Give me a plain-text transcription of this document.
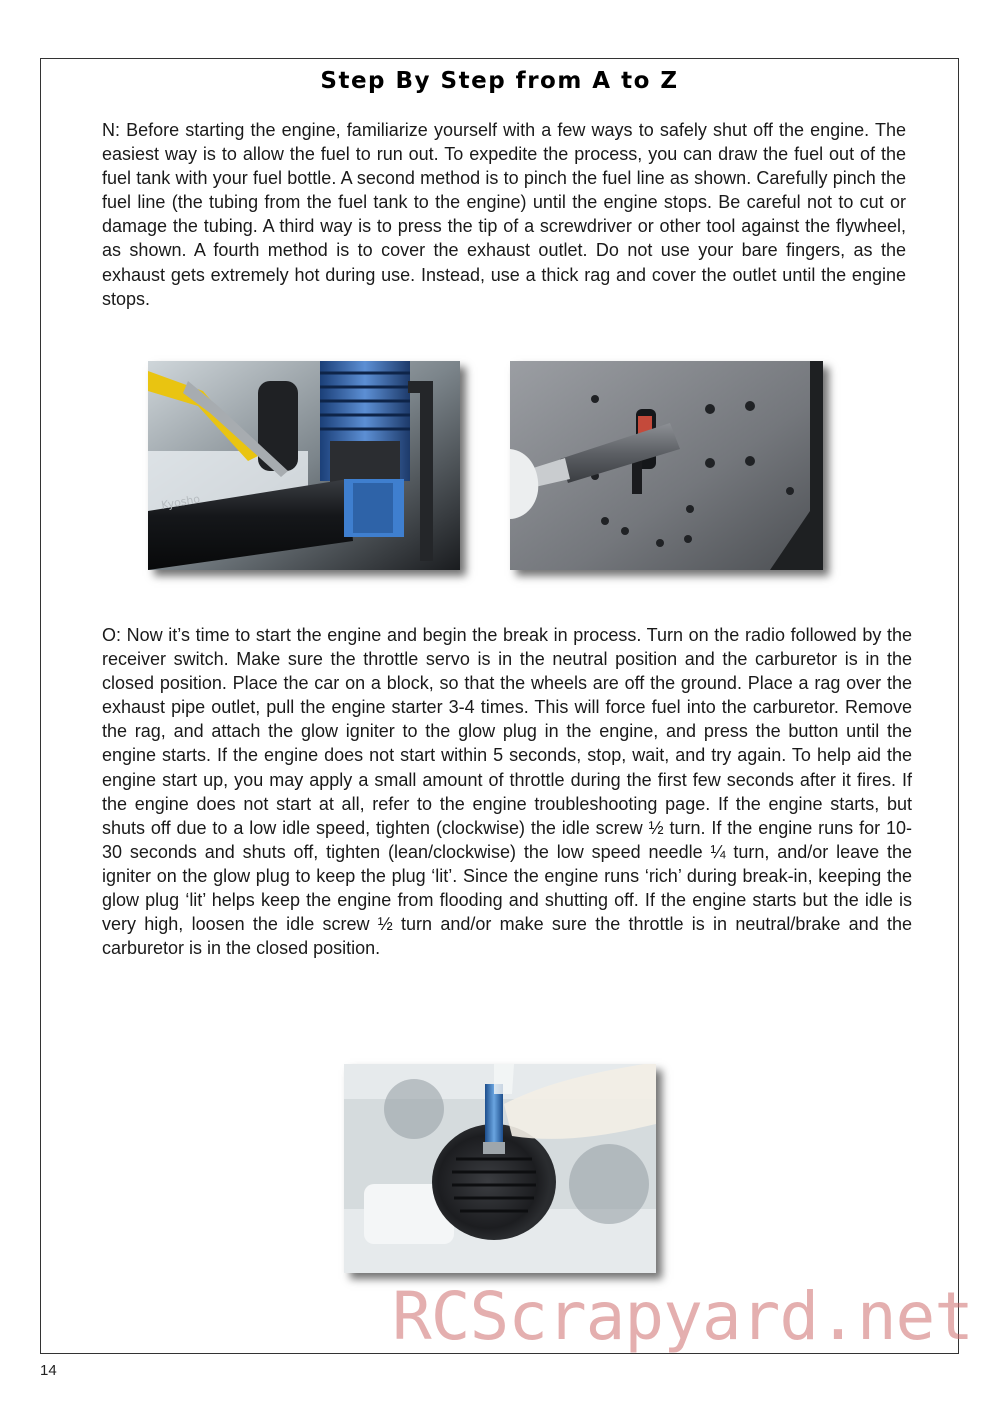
Step By Step from A to Z
N: Before starting the engine, familiarize yourself with a few ways to safely shut off the engine. The easiest way is to allow the fuel to run out. To expedite the process, you can draw the fuel out of the fuel tank with your fuel bottle. A second method is to pinch the fuel line as shown. Carefully pinch the fuel line (the tubing from the fuel tank to the engine) until the engine stops. Be careful not to cut or damage the tubing. A third way is to press the tip of a screwdriver or other tool against the flywheel, as shown. A fourth method is to cover the exhaust outlet. Do not use your bare fingers, as the exhaust gets extremely hot during use. Instead, use a thick rag and cover the outlet until the engine stops.
Kyosho
O: Now it’s time to start the engine and begin the break in process. Turn on the radio followed by the receiver switch. Make sure the throttle servo is in the neutral position and the carburetor is in the closed position. Place the car on a block, so that the wheels are off the ground. Place a rag over the exhaust pipe outlet, pull the engine starter 3-4 times. This will force fuel into the carburetor. Remove the rag, and attach the glow igniter to the glow plug in the engine, and press the button until the engine starts. If the engine does not start within 5 seconds, stop, wait, and try again. To help aid the engine start up, you may apply a small amount of throttle during the first few seconds after it fires. If the engine does not start at all, refer to the engine troubleshooting page. If the engine starts, but shuts off due to a low idle speed, tighten (clockwise) the idle screw ½ turn. If the engine runs for 10-30 seconds and shuts off, tighten (lean/clockwise) the low speed needle ¼ turn, and/or leave the igniter on the glow plug to keep the plug ‘lit’. Since the engine runs ‘rich’ during break-in, keeping the glow plug ‘lit’ helps keep the engine from flooding and shutting off. If the engine starts but the idle is very high, loosen the idle screw ½ turn and/or make sure the throttle is in neutral/brake and the carburetor is in the closed position.
RCScrapyard.net
14
